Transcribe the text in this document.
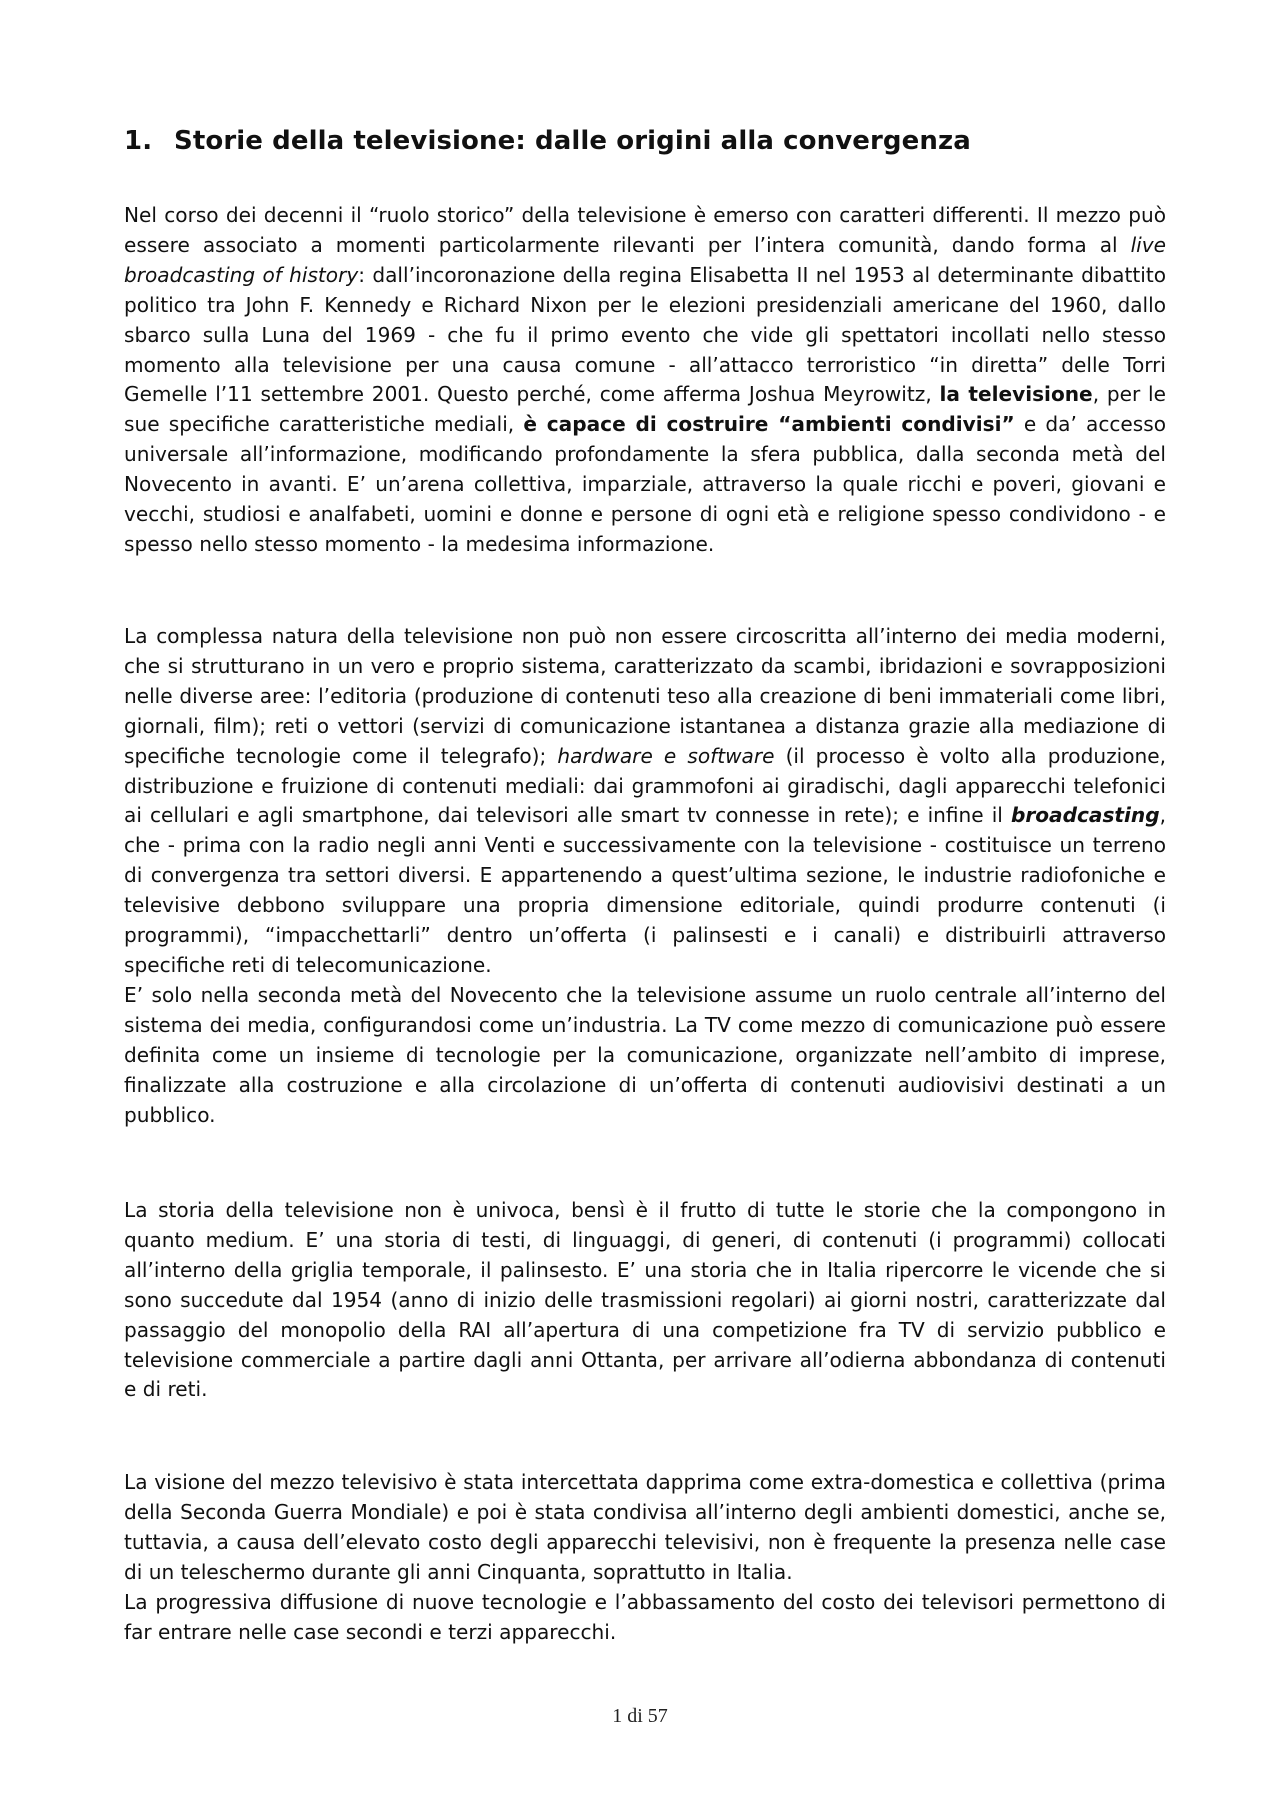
1. Storie della televisione: dalle origini alla convergenza

Nel corso dei decenni il “ruolo storico” della televisione è emerso con caratteri differenti. Il mezzo può essere associato a momenti particolarmente rilevanti per l’intera comunità, dando forma al live broadcasting of history: dall’incoronazione della regina Elisabetta II nel 1953 al determinante dibattito politico tra John F. Kennedy e Richard Nixon per le elezioni presidenziali americane del 1960, dallo sbarco sulla Luna del 1969 - che fu il primo evento che vide gli spettatori incollati nello stesso momento alla televisione per una causa comune - all’attacco terroristico “in diretta” delle Torri Gemelle l’11 settembre 2001. Questo perché, come afferma Joshua Meyrowitz, la televisione, per le sue specifiche caratteristiche mediali, è capace di costruire “ambienti condivisi” e da’ accesso universale all’informazione, modificando profondamente la sfera pubblica, dalla seconda metà del Novecento in avanti. E’ un’arena collettiva, imparziale, attraverso la quale ricchi e poveri, giovani e vecchi, studiosi e analfabeti, uomini e donne e persone di ogni età e religione spesso condividono - e spesso nello stesso momento - la medesima informazione.

La complessa natura della televisione non può non essere circoscritta all’interno dei media moderni, che si strutturano in un vero e proprio sistema, caratterizzato da scambi, ibridazioni e sovrapposizioni nelle diverse aree: l’editoria (produzione di contenuti teso alla creazione di beni immateriali come libri, giornali, film); reti o vettori (servizi di comunicazione istantanea a distanza grazie alla mediazione di specifiche tecnologie come il telegrafo); hardware e software (il processo è volto alla produzione, distribuzione e fruizione di contenuti mediali: dai grammofoni ai giradischi, dagli apparecchi telefonici ai cellulari e agli smartphone, dai televisori alle smart tv connesse in rete); e infine il broadcasting, che - prima con la radio negli anni Venti e successivamente con la televisione - costituisce un terreno di convergenza tra settori diversi. E appartenendo a quest’ultima sezione, le industrie radiofoniche e televisive debbono sviluppare una propria dimensione editoriale, quindi produrre contenuti (i programmi), “impacchettarli” dentro un’offerta (i palinsesti e i canali) e distribuirli attraverso specifiche reti di telecomunicazione.
E’ solo nella seconda metà del Novecento che la televisione assume un ruolo centrale all’interno del sistema dei media, configurandosi come un’industria. La TV come mezzo di comunicazione può essere definita come un insieme di tecnologie per la comunicazione, organizzate nell’ambito di imprese, finalizzate alla costruzione e alla circolazione di un’offerta di contenuti audiovisivi destinati a un pubblico.

La storia della televisione non è univoca, bensì è il frutto di tutte le storie che la compongono in quanto medium. E’ una storia di testi, di linguaggi, di generi, di contenuti (i programmi) collocati all’interno della griglia temporale, il palinsesto. E’ una storia che in Italia ripercorre le vicende che si sono succedute dal 1954 (anno di inizio delle trasmissioni regolari) ai giorni nostri, caratterizzate dal passaggio del monopolio della RAI all’apertura di una competizione fra TV di servizio pubblico e televisione commerciale a partire dagli anni Ottanta, per arrivare all’odierna abbondanza di contenuti e di reti.

La visione del mezzo televisivo è stata intercettata dapprima come extra-domestica e collettiva (prima della Seconda Guerra Mondiale) e poi è stata condivisa all’interno degli ambienti domestici, anche se, tuttavia, a causa dell’elevato costo degli apparecchi televisivi, non è frequente la presenza nelle case di un teleschermo durante gli anni Cinquanta, soprattutto in Italia.
La progressiva diffusione di nuove tecnologie e l’abbassamento del costo dei televisori permettono di far entrare nelle case secondi e terzi apparecchi.

1 di 57
